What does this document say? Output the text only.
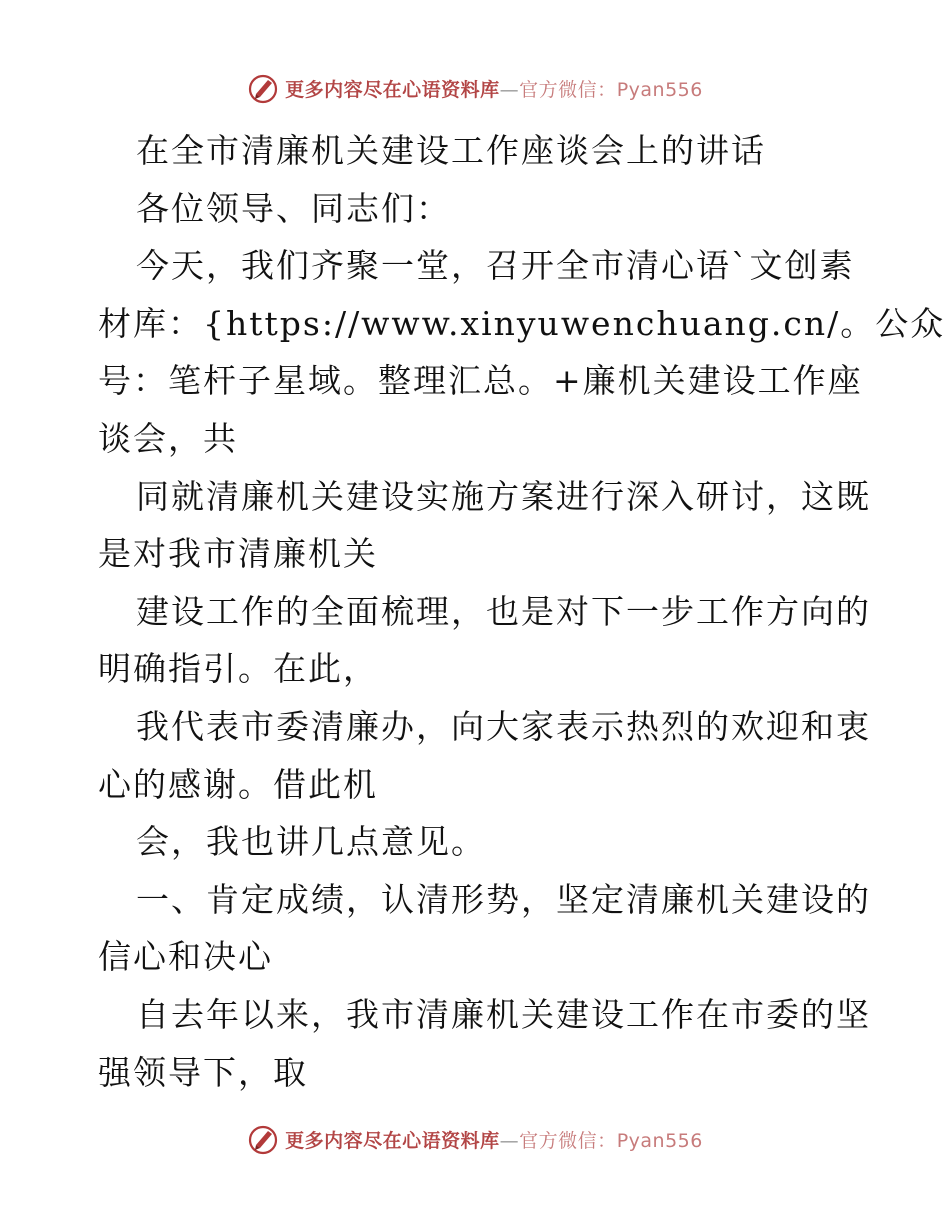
更多内容尽在心语资料库—官方微信：Pyan556
在全市清廉机关建设工作座谈会上的讲话
各位领导、同志们：
今天，我们齐聚一堂，召开全市清心语`文创素
材库：{https://www.xinyuwenchuang.cn/。公众
号：笔杆子星域。整理汇总。+廉机关建设工作座
谈会，共
同就清廉机关建设实施方案进行深入研讨，这既
是对我市清廉机关
建设工作的全面梳理，也是对下一步工作方向的
明确指引。在此，
我代表市委清廉办，向大家表示热烈的欢迎和衷
心的感谢。借此机
会，我也讲几点意见。
一、肯定成绩，认清形势，坚定清廉机关建设的
信心和决心
自去年以来，我市清廉机关建设工作在市委的坚
强领导下，取
更多内容尽在心语资料库—官方微信：Pyan556
